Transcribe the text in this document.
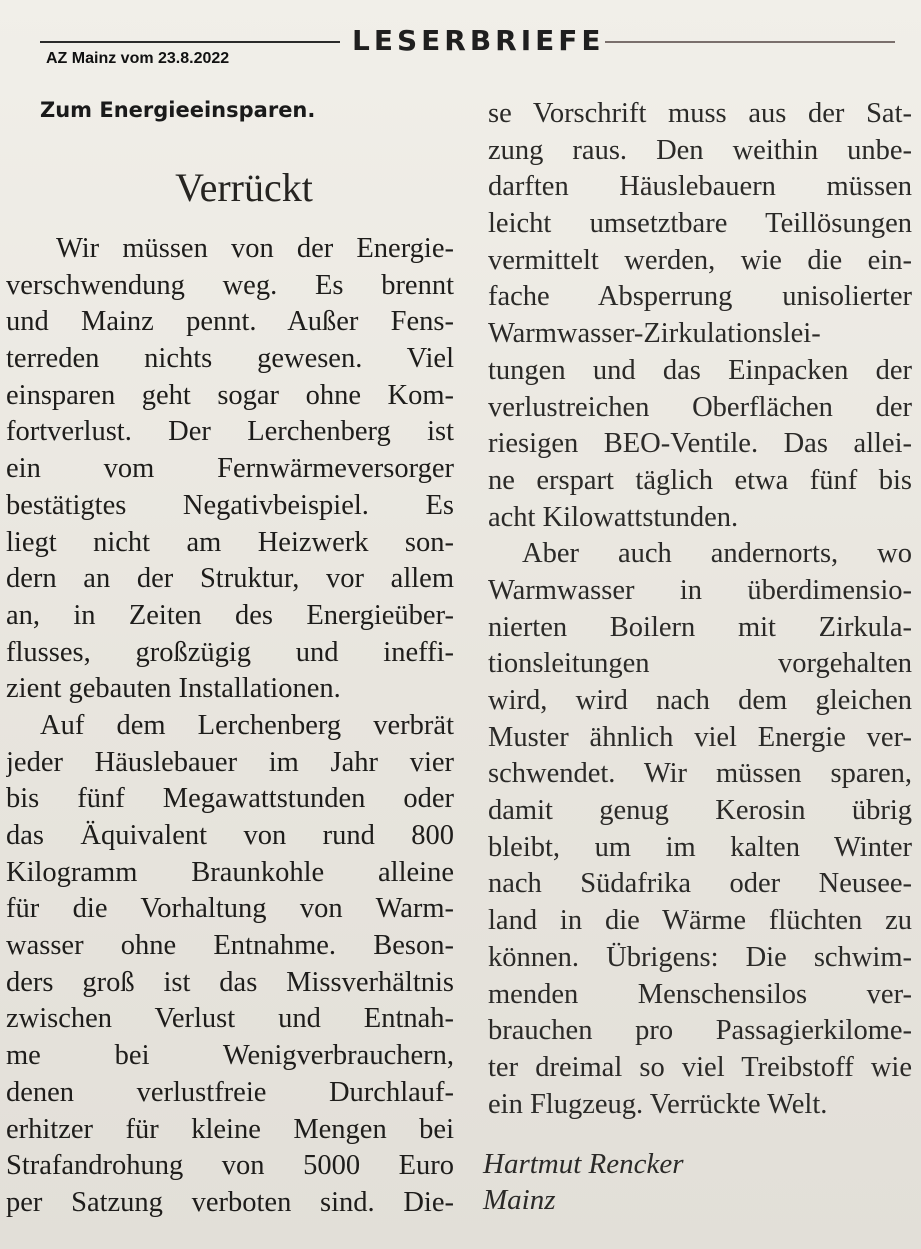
LESERBRIEFE
AZ Mainz vom 23.8.2022
Zum Energieeinsparen.
Verrückt
Wir müssen von der Energie-
verschwendung weg. Es brennt
und Mainz pennt. Außer Fens-
terreden nichts gewesen. Viel
einsparen geht sogar ohne Kom-
fortverlust. Der Lerchenberg ist
ein vom Fernwärmeversorger
bestätigtes Negativbeispiel. Es
liegt nicht am Heizwerk son-
dern an der Struktur, vor allem
an, in Zeiten des Energieüber-
flusses, großzügig und ineffi-
zient gebauten Installationen.
Auf dem Lerchenberg verbrät
jeder Häuslebauer im Jahr vier
bis fünf Megawattstunden oder
das Äquivalent von rund 800
Kilogramm Braunkohle alleine
für die Vorhaltung von Warm-
wasser ohne Entnahme. Beson-
ders groß ist das Missverhältnis
zwischen Verlust und Entnah-
me bei Wenigverbrauchern,
denen verlustfreie Durchlauf-
erhitzer für kleine Mengen bei
Strafandrohung von 5000 Euro
per Satzung verboten sind. Die-
se Vorschrift muss aus der Sat-
zung raus. Den weithin unbe-
darften Häuslebauern müssen
leicht umsetztbare Teillösungen
vermittelt werden, wie die ein-
fache Absperrung unisolierter
Warmwasser-Zirkulationslei-
tungen und das Einpacken der
verlustreichen Oberflächen der
riesigen BEO-Ventile. Das allei-
ne erspart täglich etwa fünf bis
acht Kilowattstunden.
Aber auch andernorts, wo
Warmwasser in überdimensio-
nierten Boilern mit Zirkula-
tionsleitungen vorgehalten
wird, wird nach dem gleichen
Muster ähnlich viel Energie ver-
schwendet. Wir müssen sparen,
damit genug Kerosin übrig
bleibt, um im kalten Winter
nach Südafrika oder Neusee-
land in die Wärme flüchten zu
können. Übrigens: Die schwim-
menden Menschensilos ver-
brauchen pro Passagierkilome-
ter dreimal so viel Treibstoff wie
ein Flugzeug. Verrückte Welt.
Hartmut Rencker
Mainz
